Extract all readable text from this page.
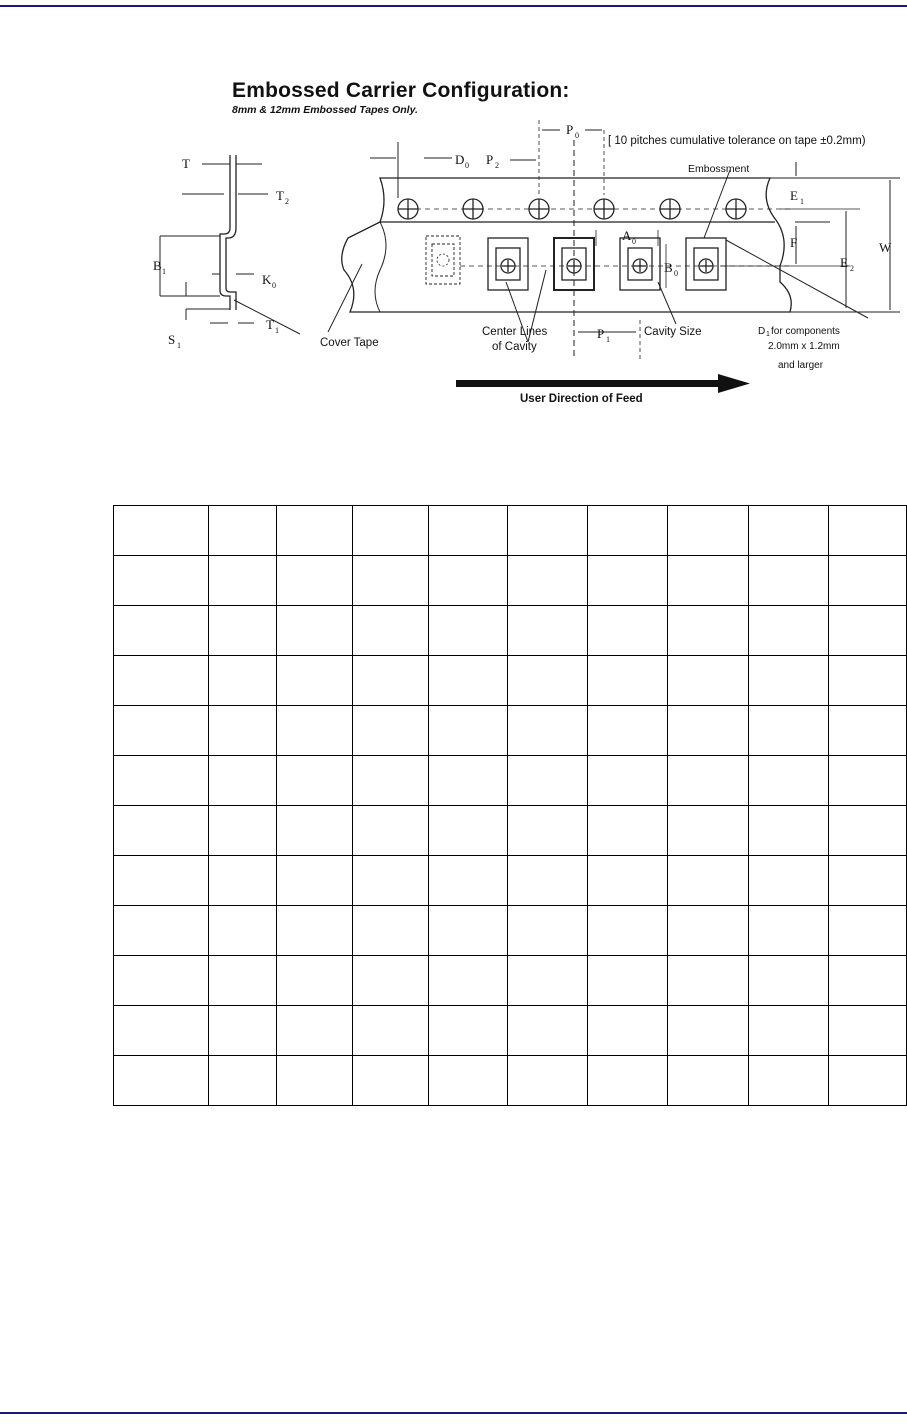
Embossed Carrier Configuration:
8mm & 12mm Embossed Tapes Only.
T
T 2
B 1
K 0
S 1
T 1
D 0 P 2
P 0
A 0
B 0
P 1
E 1
F
E 2
W
[ 10 pitches cumulative tolerance on tape ±0.2mm)
Embossment
Cover Tape
Center Lines
of Cavity
Cavity Size	D 1 for components
2.0mm x 1.2mm
and larger
User Direction of Feed
